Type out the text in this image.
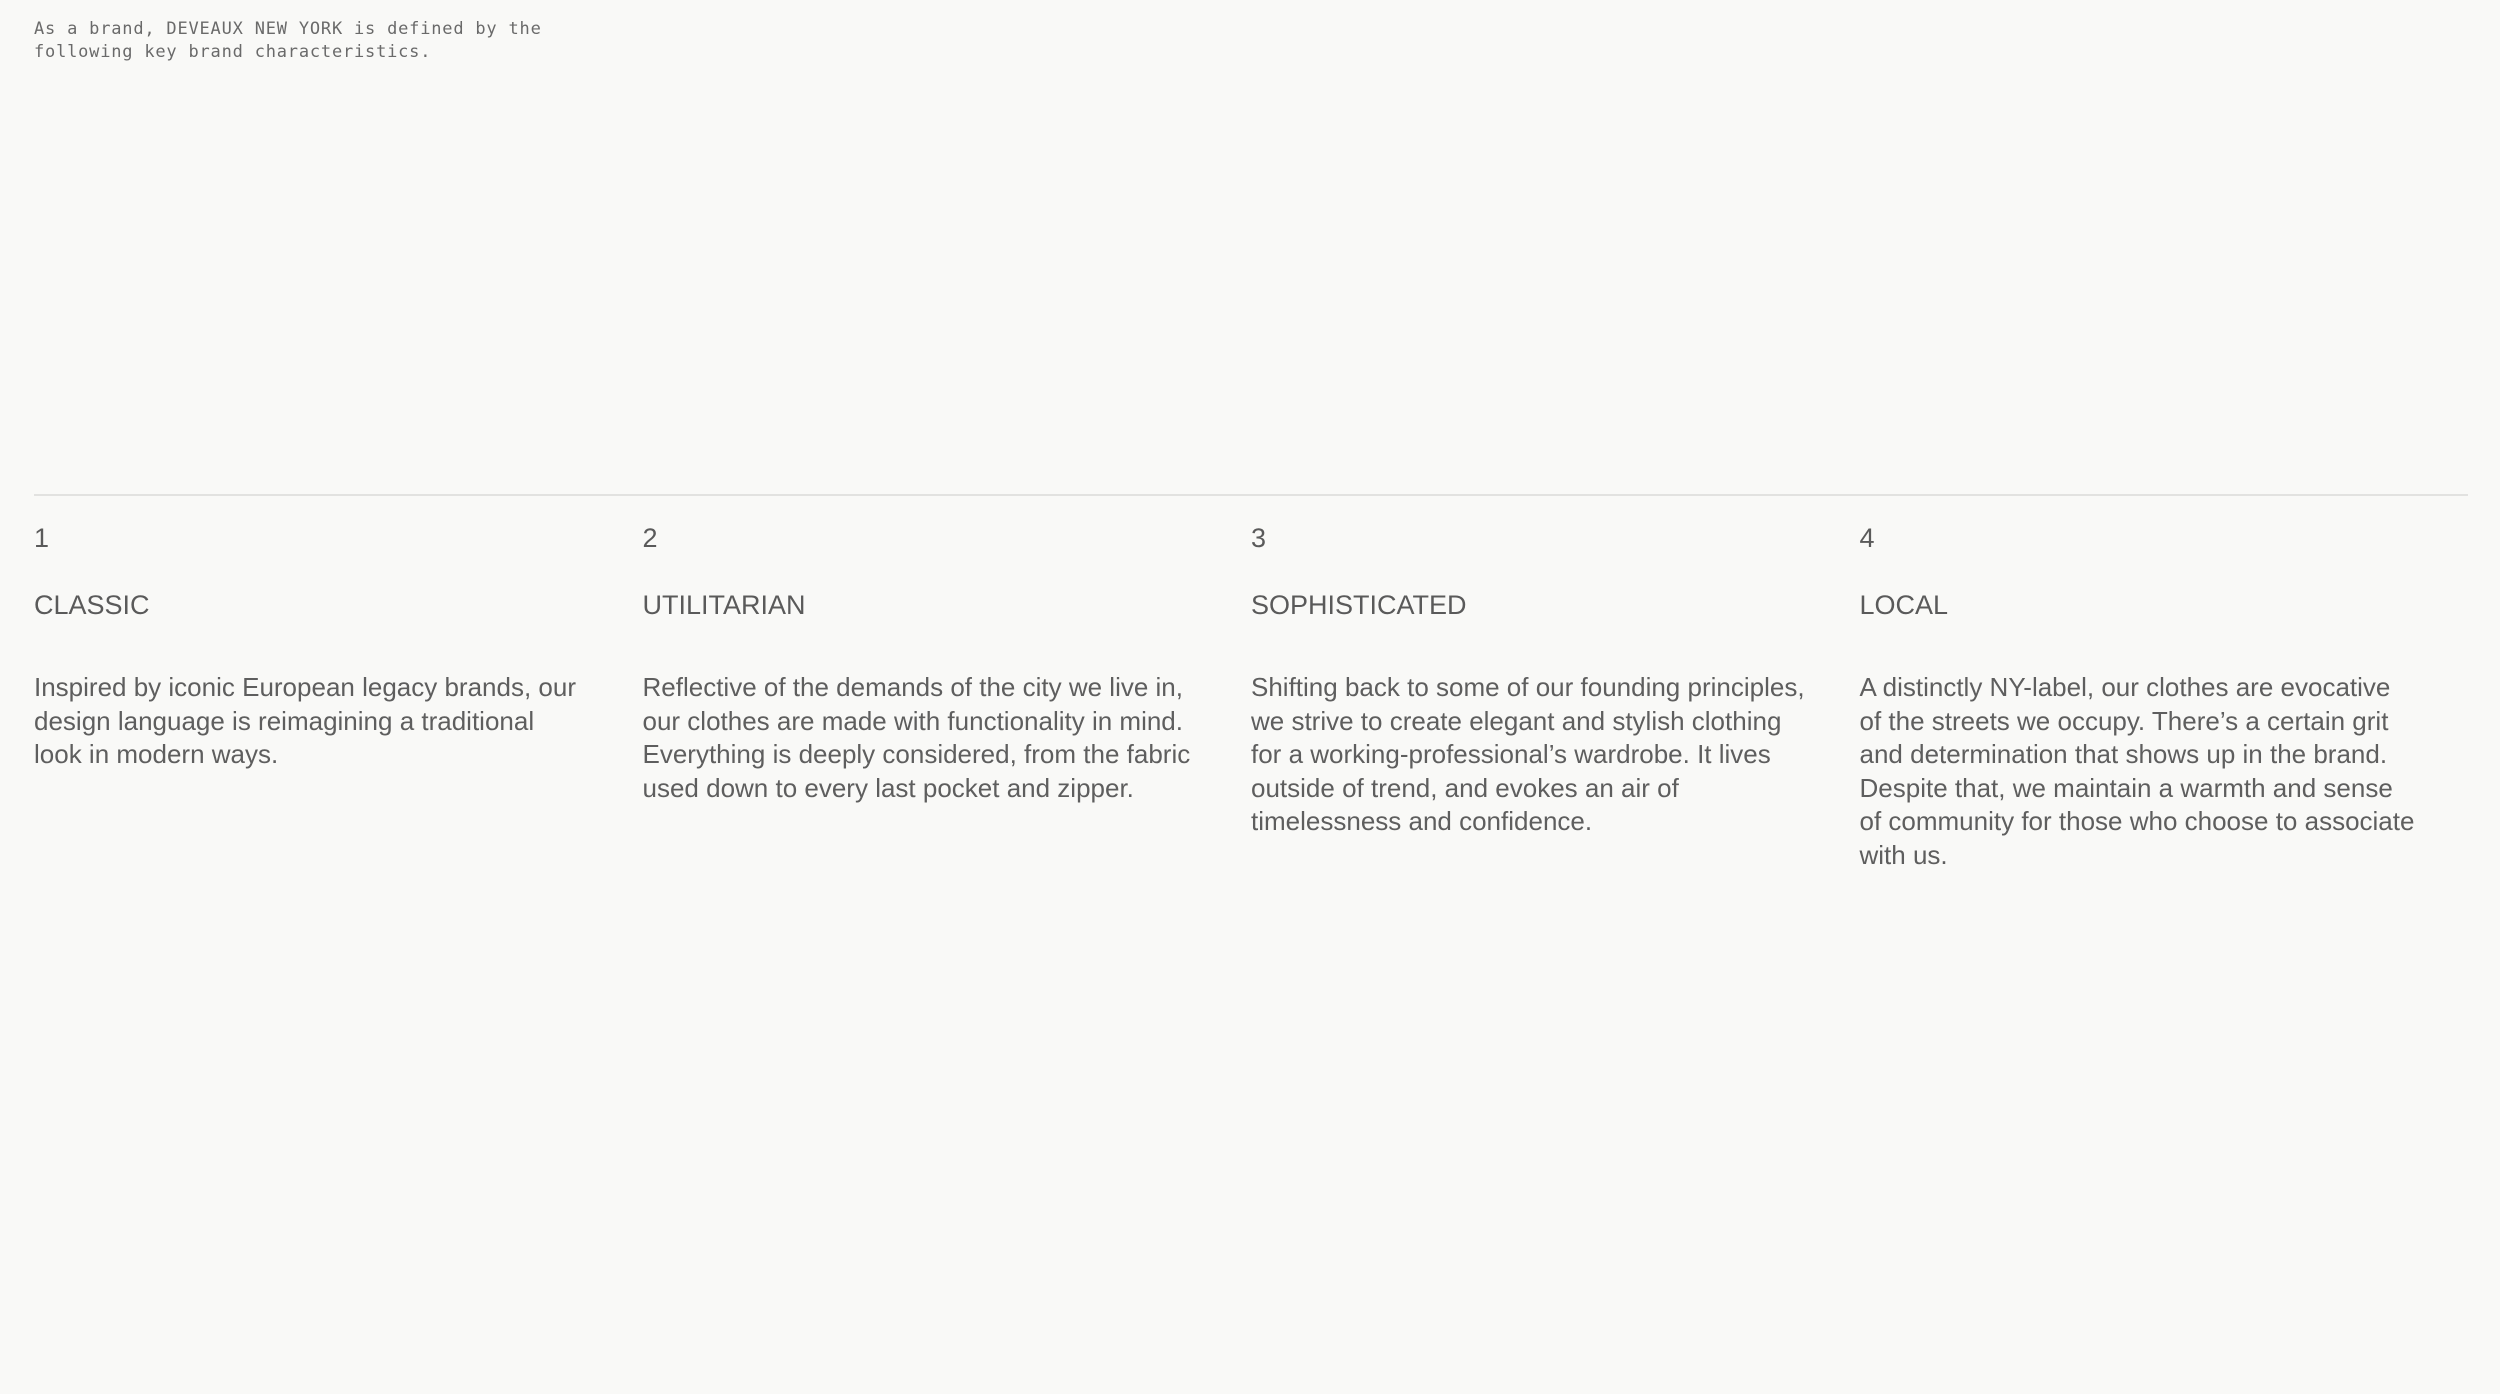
As a brand, DEVEAUX NEW YORK is defined by the following key brand characteristics.

1

CLASSIC

Inspired by iconic European legacy brands, our design language is reimagining a traditional look in modern ways.

2

UTILITARIAN

Reflective of the demands of the city we live in, our clothes are made with functionality in mind. Everything is deeply considered, from the fabric used down to every last pocket and zipper.

3

SOPHISTICATED

Shifting back to some of our founding principles, we strive to create elegant and stylish clothing for a working-professional’s wardrobe. It lives outside of trend, and evokes an air of timelessness and confidence.

4

LOCAL

A distinctly NY-label, our clothes are evocative of the streets we occupy. There’s a certain grit and determination that shows up in the brand. Despite that, we maintain a warmth and sense of community for those who choose to associate with us.
